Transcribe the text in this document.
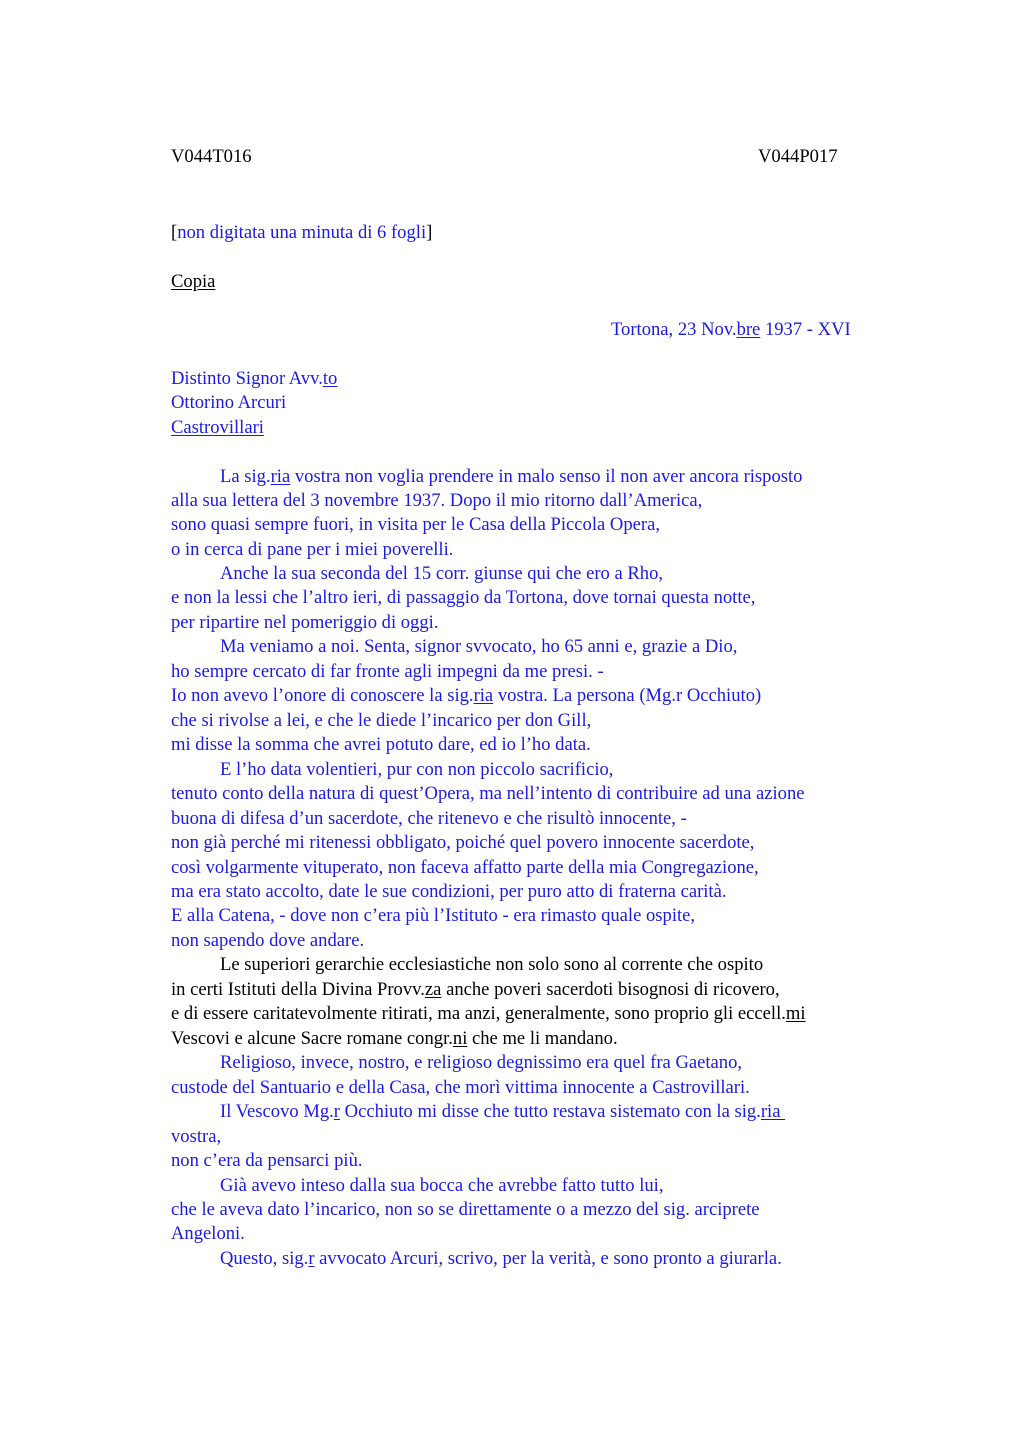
V044T016	V044P017
[non digitata una minuta di 6 fogli]
Copia
Tortona, 23 Nov.bre 1937 - XVI
Distinto Signor Avv.to
Ottorino Arcuri
Castrovillari
La sig.ria vostra non voglia prendere in malo senso il non aver ancora risposto
alla sua lettera del 3 novembre 1937. Dopo il mio ritorno dall’America,
sono quasi sempre fuori, in visita per le Casa della Piccola Opera,
o in cerca di pane per i miei poverelli.
Anche la sua seconda del 15 corr. giunse qui che ero a Rho,
e non la lessi che l’altro ieri, di passaggio da Tortona, dove tornai questa notte,
per ripartire nel pomeriggio di oggi.
Ma veniamo a noi. Senta, signor svvocato, ho 65 anni e, grazie a Dio,
ho sempre cercato di far fronte agli impegni da me presi. -
Io non avevo l’onore di conoscere la sig.ria vostra. La persona (Mg.r Occhiuto)
che si rivolse a lei, e che le diede l’incarico per don Gill,
mi disse la somma che avrei potuto dare, ed io l’ho data.
E l’ho data volentieri, pur con non piccolo sacrificio,
tenuto conto della natura di quest’Opera, ma nell’intento di contribuire ad una azione
buona di difesa d’un sacerdote, che ritenevo e che risultò innocente, -
non già perché mi ritenessi obbligato, poiché quel povero innocente sacerdote,
così volgarmente vituperato, non faceva affatto parte della mia Congregazione,
ma era stato accolto, date le sue condizioni, per puro atto di fraterna carità.
E alla Catena, - dove non c’era più l’Istituto - era rimasto quale ospite,
non sapendo dove andare.
Le superiori gerarchie ecclesiastiche non solo sono al corrente che ospito
in certi Istituti della Divina Provv.za anche poveri sacerdoti bisognosi di ricovero,
e di essere caritatevolmente ritirati, ma anzi, generalmente, sono proprio gli eccell.mi
Vescovi e alcune Sacre romane congr.ni che me li mandano.
Religioso, invece, nostro, e religioso degnissimo era quel fra Gaetano,
custode del Santuario e della Casa, che morì vittima innocente a Castrovillari.
Il Vescovo Mg.r Occhiuto mi disse che tutto restava sistemato con la sig.ria
vostra,
non c’era da pensarci più.
Già avevo inteso dalla sua bocca che avrebbe fatto tutto lui,
che le aveva dato l’incarico, non so se direttamente o a mezzo del sig. arciprete
Angeloni.
Questo, sig.r avvocato Arcuri, scrivo, per la verità, e sono pronto a giurarla.
